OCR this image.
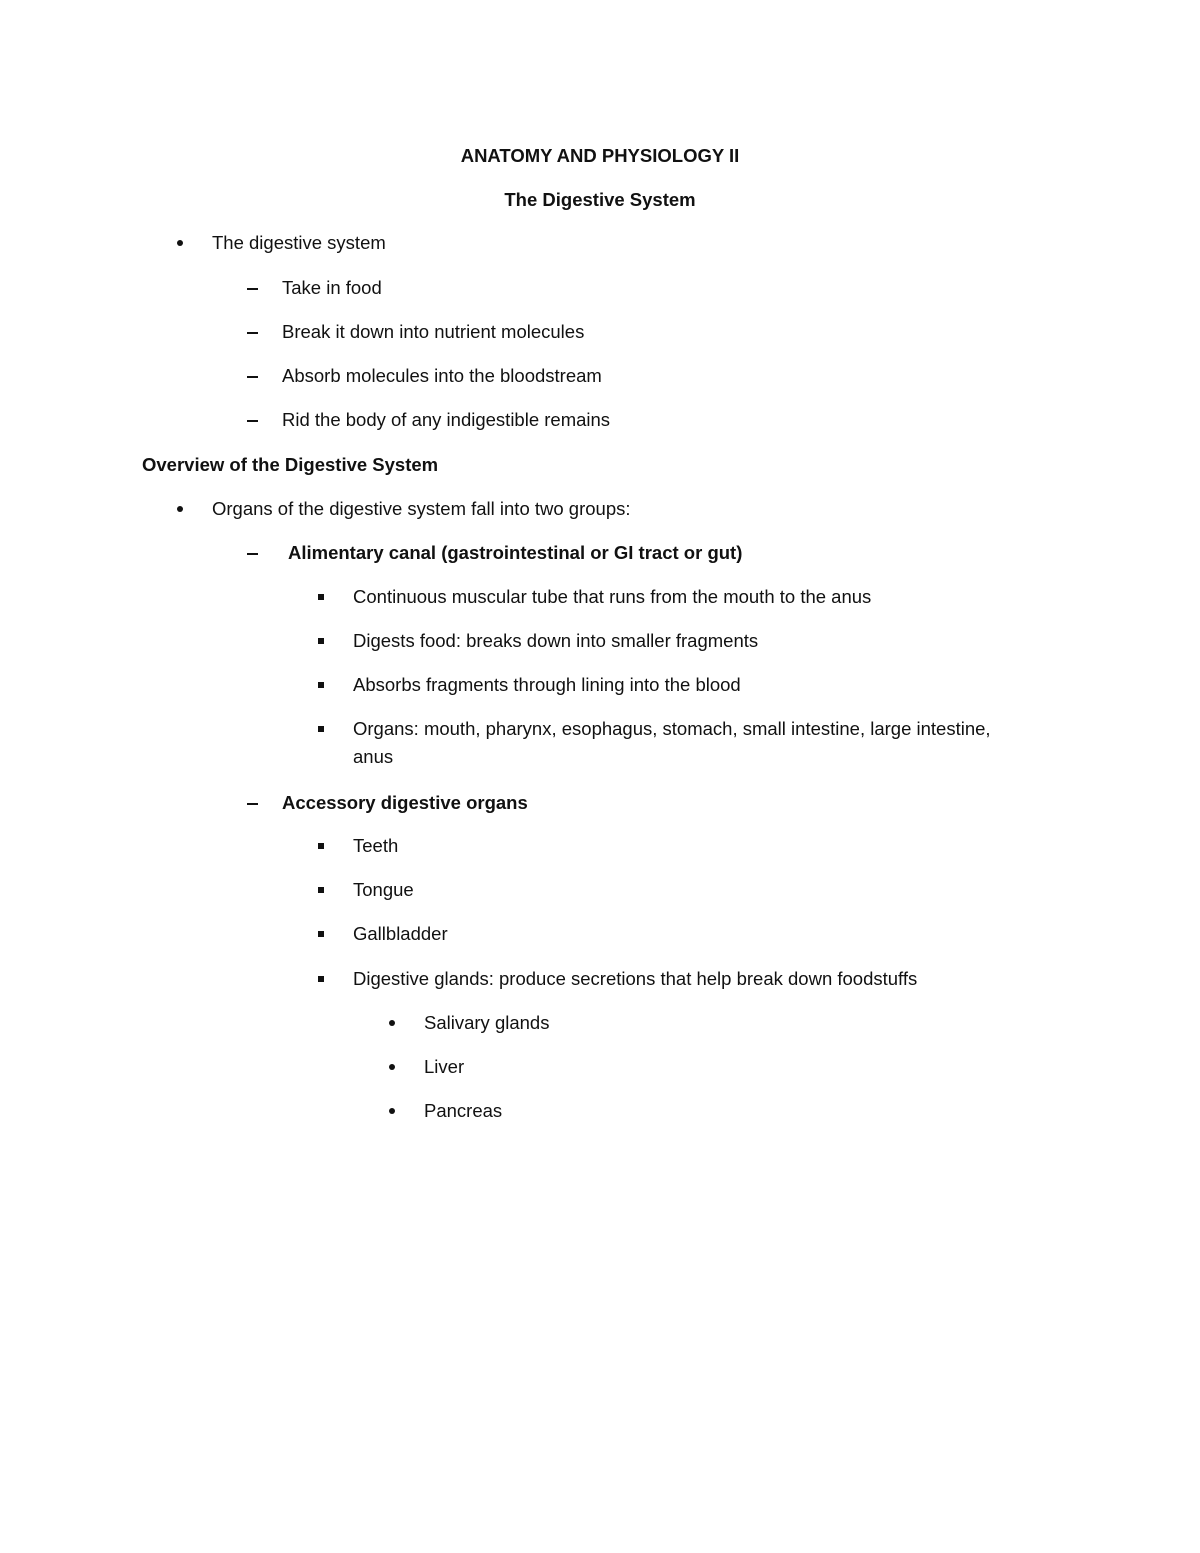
ANATOMY AND PHYSIOLOGY II
The Digestive System
The digestive system
Take in food
Break it down into nutrient molecules
Absorb molecules into the bloodstream
Rid the body of any indigestible remains
Overview of the Digestive System
Organs of the digestive system fall into two groups:
Alimentary canal (gastrointestinal or GI tract or gut)
Continuous muscular tube that runs from the mouth to the anus
Digests food: breaks down into smaller fragments
Absorbs fragments through lining into the blood
Organs: mouth, pharynx, esophagus, stomach, small intestine, large intestine,
anus
Accessory digestive organs
Teeth
Tongue
Gallbladder
Digestive glands: produce secretions that help break down foodstuffs
Salivary glands
Liver
Pancreas
